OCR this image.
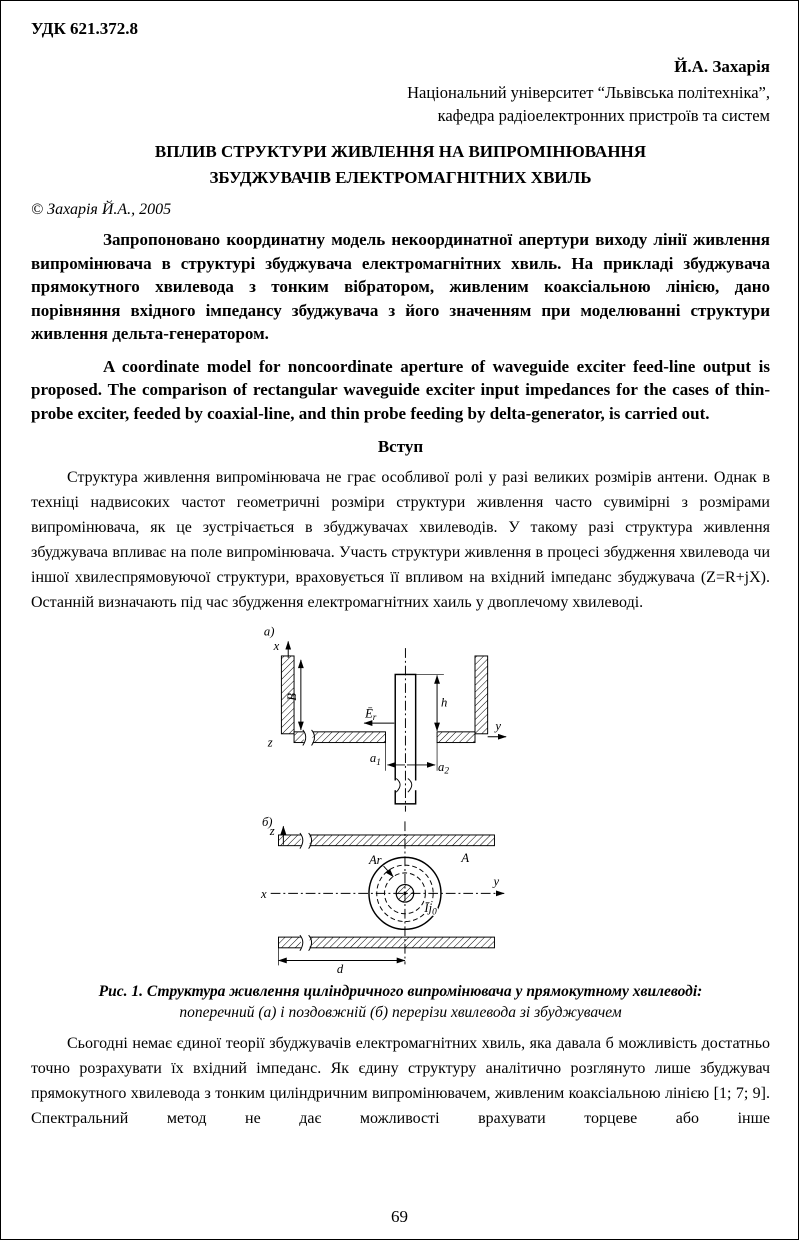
УДК 621.372.8
Й.А. Захарія
Національний університет “Львівська політехніка”,
кафедра радіоелектронних пристроїв та систем
ВПЛИВ СТРУКТУРИ ЖИВЛЕННЯ НА ВИПРОМІНЮВАННЯ
ЗБУДЖУВАЧІВ ЕЛЕКТРОМАГНІТНИХ ХВИЛЬ
© Захарія Й.А., 2005

Запропоновано координатну модель некоординатної апертури виходу лінії живлення випромінювача в структурі збуджувача електромагнітних хвиль. На прикладі збуджувача прямокутного хвилевода з тонким вібратором, живленим коаксіальною лінією, дано порівняння вхідного імпедансу збуджувача з його значенням при моделюванні структури живлення дельта-генератором.

A coordinate model for noncoordinate aperture of waveguide exciter feed-line output is proposed. The comparison of rectangular waveguide exciter input impedances for the cases of thin-probe exciter, feeded by coaxial-line, and thin probe feeding by delta-generator, is carried out.

Вступ

Структура живлення випромінювача не грає особливої ролі у разі великих розмірів антени. Однак в техніці надвисоких частот геометричні розміри структури живлення часто сувимірні з розмірами випромінювача, як це зустрічається в збуджувачах хвилеводів. У такому разі структура живлення збуджувача впливає на поле випромінювача. Участь структури живлення в процесі збудження хвилевода чи іншої хвилеспрямовуючої структури, враховується її впливом на вхідний імпеданс збуджувача (Z=R+jX). Останній визначають під час збудження електромагнітних хаиль у двоплечому хвилеводі.

а)
x
B
y
z
$Ē_r$
h
$a_1$	$a_2$
б)
z
A
x
y
Ar
$Īj_0$
d
Рис. 1. Структура живлення циліндричного випромінювача у прямокутному хвилеводі:
поперечний (а) і поздовжній (б) перерізи хвилевода зі збуджувачем

Сьогодні немає єдиної теорії збуджувачів електромагнітних хвиль, яка давала б можливість достатньо точно розрахувати їх вхідний імпеданс. Як єдину структуру аналітично розглянуто лише збуджувач прямокутного хвилевода з тонким циліндричним випромінювачем, живленим коаксіальною лінією [1; 7; 9]. Спектральний метод не дає можливості врахувати торцеве або інше

69
